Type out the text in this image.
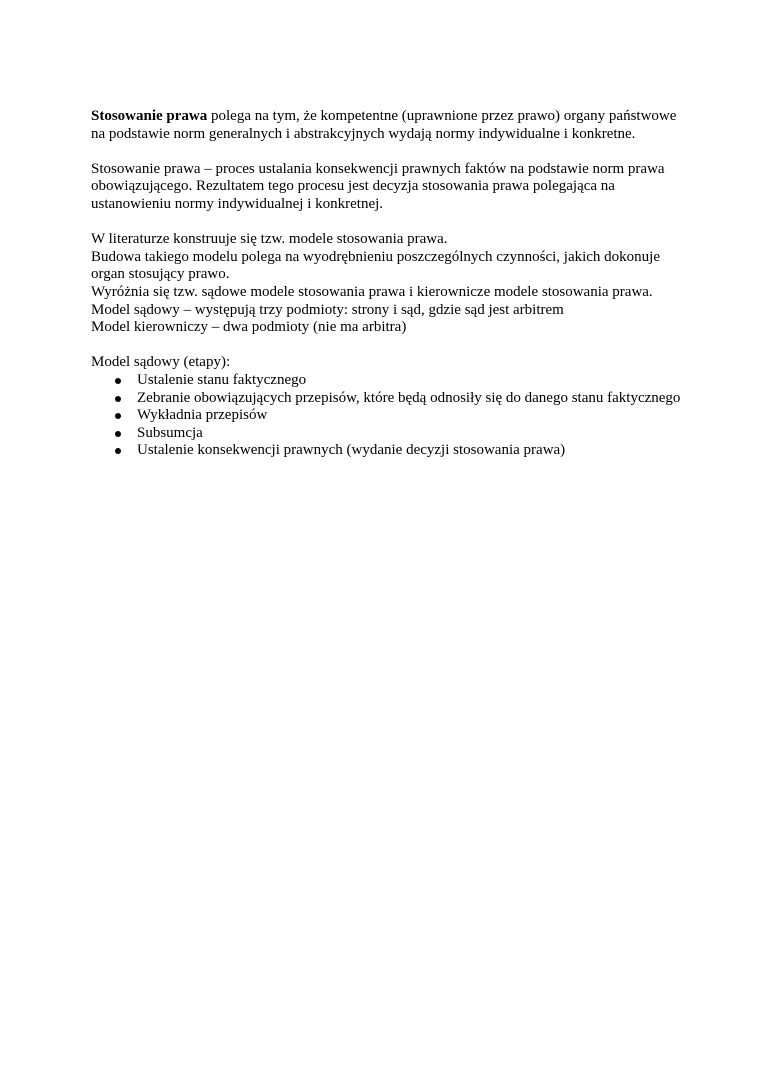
Stosowanie prawa polega na tym, że kompetentne (uprawnione przez prawo) organy państwowe na podstawie norm generalnych i abstrakcyjnych wydają normy indywidualne i konkretne.

Stosowanie prawa – proces ustalania konsekwencji prawnych faktów na podstawie norm prawa obowiązującego. Rezultatem tego procesu jest decyzja stosowania prawa polegająca na ustanowieniu normy indywidualnej i konkretnej.

W literaturze konstruuje się tzw. modele stosowania prawa.

Budowa takiego modelu polega na wyodrębnieniu poszczególnych czynności, jakich dokonuje organ stosujący prawo.

Wyróżnia się tzw. sądowe modele stosowania prawa i kierownicze modele stosowania prawa.

Model sądowy – występują trzy podmioty: strony i sąd, gdzie sąd jest arbitrem

Model kierowniczy – dwa podmioty (nie ma arbitra)

Model sądowy (etapy):

Ustalenie stanu faktycznego
Zebranie obowiązujących przepisów, które będą odnosiły się do danego stanu faktycznego
Wykładnia przepisów
Subsumcja
Ustalenie konsekwencji prawnych (wydanie decyzji stosowania prawa)
